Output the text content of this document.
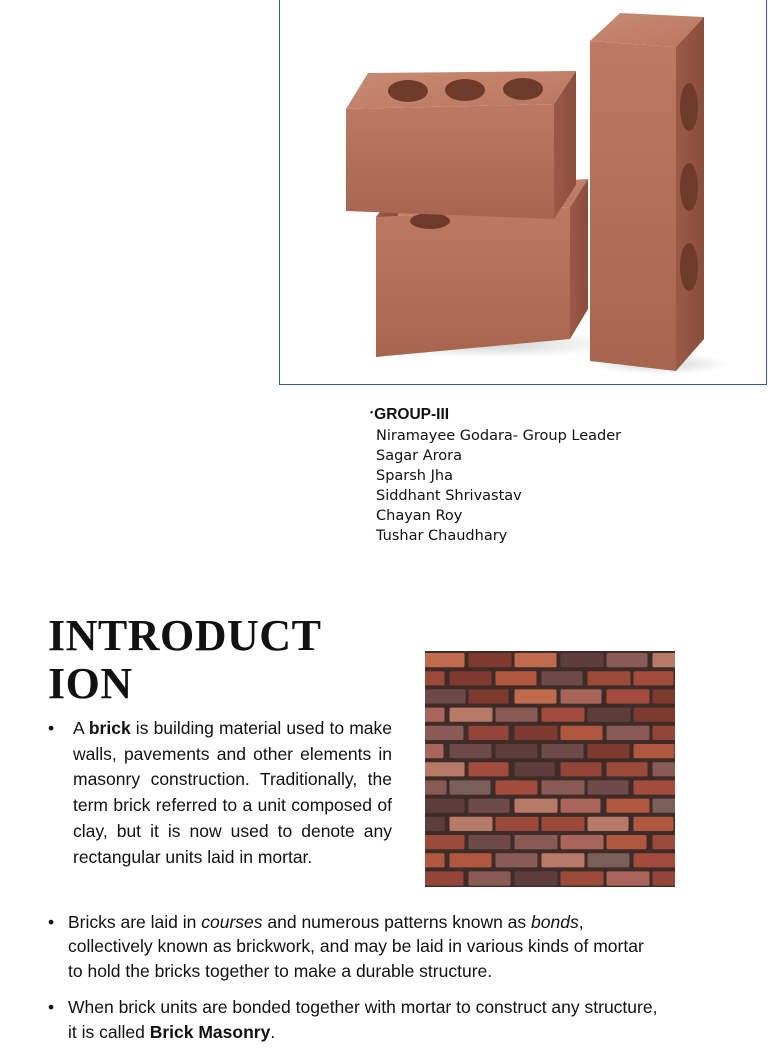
•GROUP-III
Niramayee Godara- Group Leader
Sagar Arora
Sparsh Jha
Siddhant Shrivastav
Chayan Roy
Tushar Chaudhary
INTRODUCT
ION
• A brick is building material used to make walls, pavements and other elements in masonry construction. Traditionally, the term brick referred to a unit composed of clay, but it is now used to denote any rectangular units laid in mortar.
• Bricks are laid in courses and numerous patterns known as bonds, collectively known as brickwork, and may be laid in various kinds of mortar to hold the bricks together to make a durable structure.
• When brick units are bonded together with mortar to construct any structure, it is called Brick Masonry.
